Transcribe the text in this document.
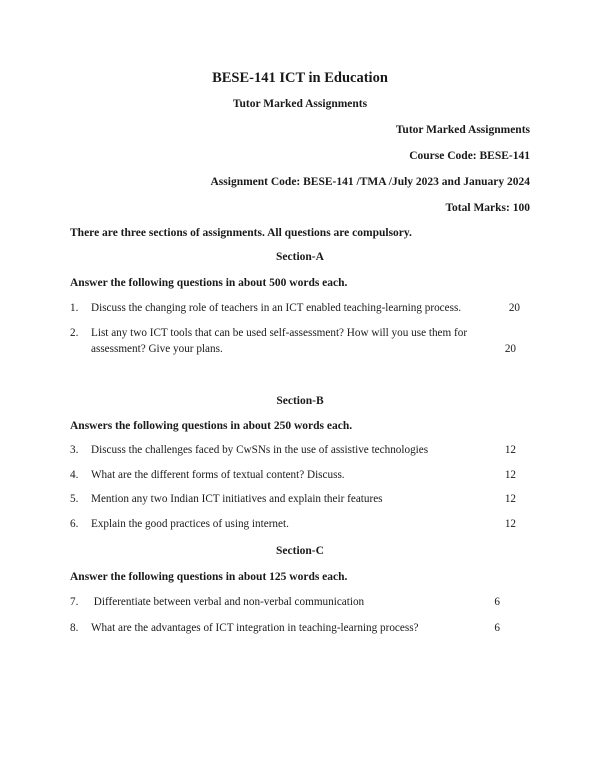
BESE-141 ICT in Education
Tutor Marked Assignments
Tutor Marked Assignments
Course Code: BESE-141
Assignment Code: BESE-141 /TMA /July 2023 and January 2024
Total Marks: 100
There are three sections of assignments. All questions are compulsory.
Section-A
Answer the following questions in about 500 words each.
1. Discuss the changing role of teachers in an ICT enabled teaching-learning process.	20
2. List any two ICT tools that can be used self-assessment? How will you use them for
assessment? Give your plans.	20
Section-B
Answers the following questions in about 250 words each.
3. Discuss the challenges faced by CwSNs in the use of assistive technologies	12
4. What are the different forms of textual content? Discuss.	12
5. Mention any two Indian ICT initiatives and explain their features	12
6. Explain the good practices of using internet.	12
Section-C
Answer the following questions in about 125 words each.
7. Differentiate between verbal and non-verbal communication	6
8. What are the advantages of ICT integration in teaching-learning process?	6
